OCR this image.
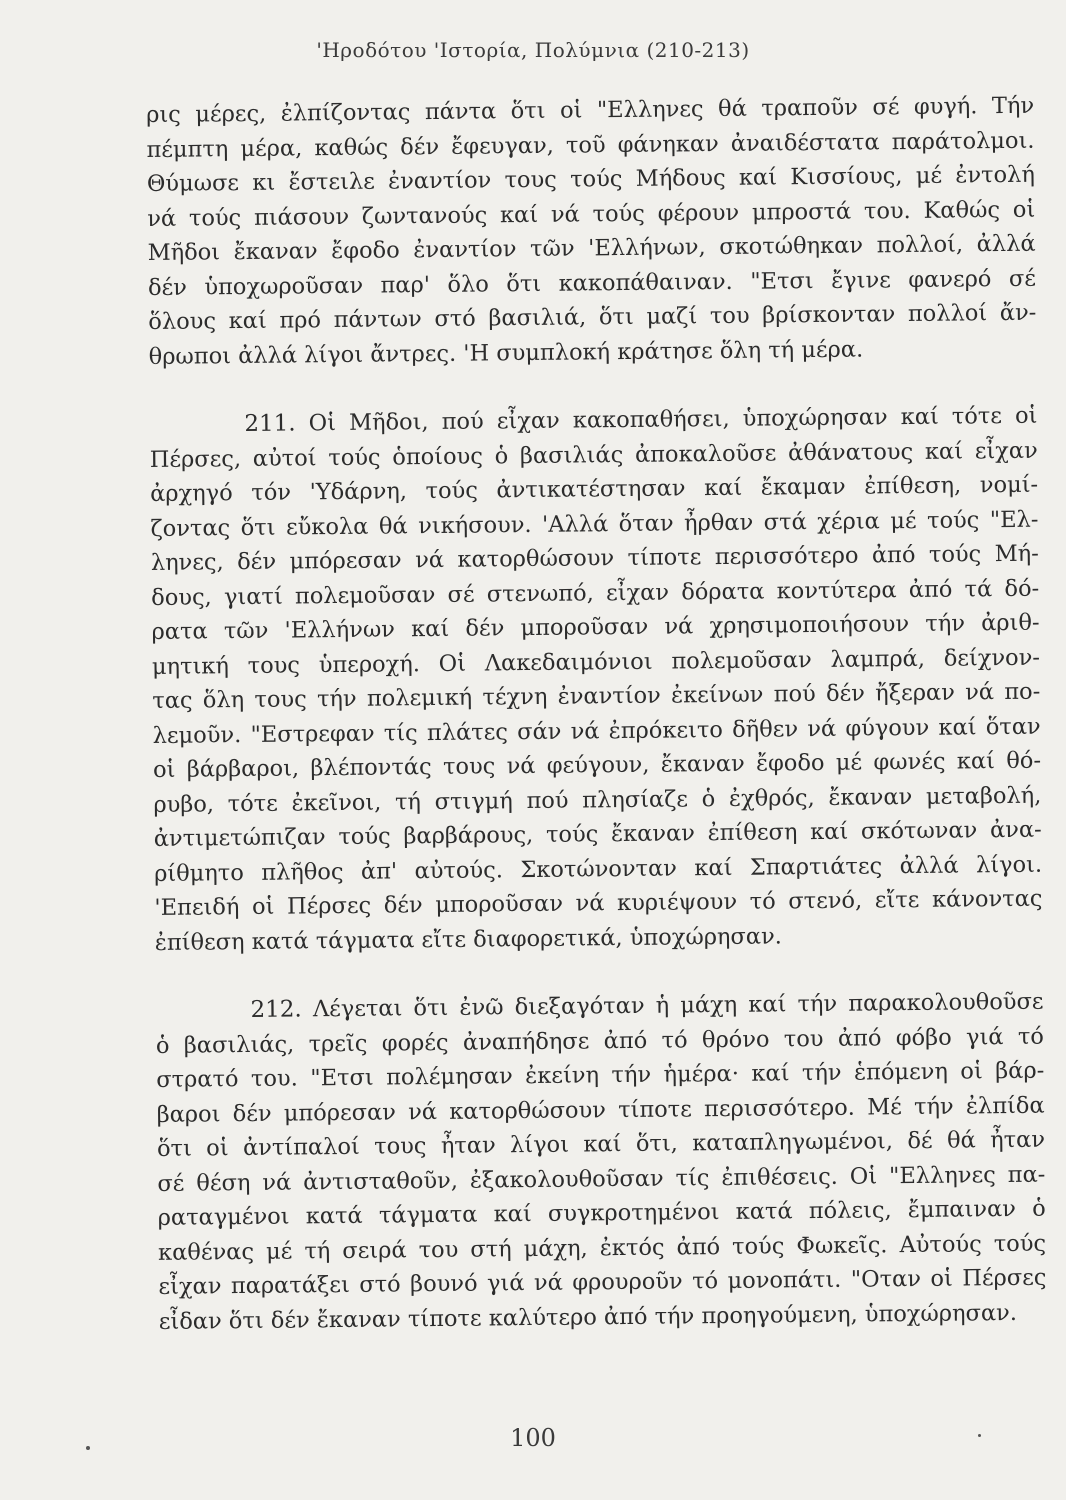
'Ηροδότου 'Ιστορία, Πολύμνια (210-213)
ρις μέρες, ἐλπίζοντας πάντα ὅτι οἱ "Ελληνες θά τραποῦν σέ φυγή. Τήν
πέμπτη μέρα, καθώς δέν ἔφευγαν, τοῦ φάνηκαν ἀναιδέστατα παράτολμοι.
Θύμωσε κι ἔστειλε ἐναντίον τους τούς Μήδους καί Κισσίους, μέ ἐντολή
νά τούς πιάσουν ζωντανούς καί νά τούς φέρουν μπροστά του. Καθώς οἱ
Μῆδοι ἔκαναν ἔφοδο ἐναντίον τῶν 'Ελλήνων, σκοτώθηκαν πολλοί, ἀλλά
δέν ὑποχωροῦσαν παρ' ὅλο ὅτι κακοπάθαιναν. "Ετσι ἔγινε φανερό σέ
ὅλους καί πρό πάντων στό βασιλιά, ὅτι μαζί του βρίσκονταν πολλοί ἄν-
θρωποι ἀλλά λίγοι ἄντρες. 'Η συμπλοκή κράτησε ὅλη τή μέρα.
211. Οἱ Μῆδοι, πού εἶχαν κακοπαθήσει, ὑποχώρησαν καί τότε οἱ
Πέρσες, αὐτοί τούς ὁποίους ὁ βασιλιάς ἀποκαλοῦσε ἀθάνατους καί εἶχαν
ἀρχηγό τόν 'Υδάρνη, τούς ἀντικατέστησαν καί ἔκαμαν ἐπίθεση, νομί-
ζοντας ὅτι εὔκολα θά νικήσουν. 'Αλλά ὅταν ἦρθαν στά χέρια μέ τούς "Ελ-
ληνες, δέν μπόρεσαν νά κατορθώσουν τίποτε περισσότερο ἀπό τούς Μή-
δους, γιατί πολεμοῦσαν σέ στενωπό, εἶχαν δόρατα κοντύτερα ἀπό τά δό-
ρατα τῶν 'Ελλήνων καί δέν μποροῦσαν νά χρησιμοποιήσουν τήν ἀριθ-
μητική τους ὑπεροχή. Οἱ Λακεδαιμόνιοι πολεμοῦσαν λαμπρά, δείχνον-
τας ὅλη τους τήν πολεμική τέχνη ἐναντίον ἐκείνων πού δέν ἤξεραν νά πο-
λεμοῦν. "Εστρεφαν τίς πλάτες σάν νά ἐπρόκειτο δῆθεν νά φύγουν καί ὅταν
οἱ βάρβαροι, βλέποντάς τους νά φεύγουν, ἔκαναν ἔφοδο μέ φωνές καί θό-
ρυβο, τότε ἐκεῖνοι, τή στιγμή πού πλησίαζε ὁ ἐχθρός, ἔκαναν μεταβολή,
ἀντιμετώπιζαν τούς βαρβάρους, τούς ἔκαναν ἐπίθεση καί σκότωναν ἀνα-
ρίθμητο πλῆθος ἀπ' αὐτούς. Σκοτώνονταν καί Σπαρτιάτες ἀλλά λίγοι.
'Επειδή οἱ Πέρσες δέν μποροῦσαν νά κυριέψουν τό στενό, εἴτε κάνοντας
ἐπίθεση κατά τάγματα εἴτε διαφορετικά, ὑποχώρησαν.
212. Λέγεται ὅτι ἐνῶ διεξαγόταν ἡ μάχη καί τήν παρακολουθοῦσε
ὁ βασιλιάς, τρεῖς φορές ἀναπήδησε ἀπό τό θρόνο του ἀπό φόβο γιά τό
στρατό του. "Ετσι πολέμησαν ἐκείνη τήν ἡμέρα· καί τήν ἑπόμενη οἱ βάρ-
βαροι δέν μπόρεσαν νά κατορθώσουν τίποτε περισσότερο. Μέ τήν ἐλπίδα
ὅτι οἱ ἀντίπαλοί τους ἦταν λίγοι καί ὅτι, καταπληγωμένοι, δέ θά ἦταν
σέ θέση νά ἀντισταθοῦν, ἐξακολουθοῦσαν τίς ἐπιθέσεις. Οἱ "Ελληνες πα-
ραταγμένοι κατά τάγματα καί συγκροτημένοι κατά πόλεις, ἔμπαιναν ὁ
καθένας μέ τή σειρά του στή μάχη, ἐκτός ἀπό τούς Φωκεῖς. Αὐτούς τούς
εἶχαν παρατάξει στό βουνό γιά νά φρουροῦν τό μονοπάτι. "Οταν οἱ Πέρσες
εἶδαν ὅτι δέν ἔκαναν τίποτε καλύτερο ἀπό τήν προηγούμενη, ὑποχώρησαν.
100
